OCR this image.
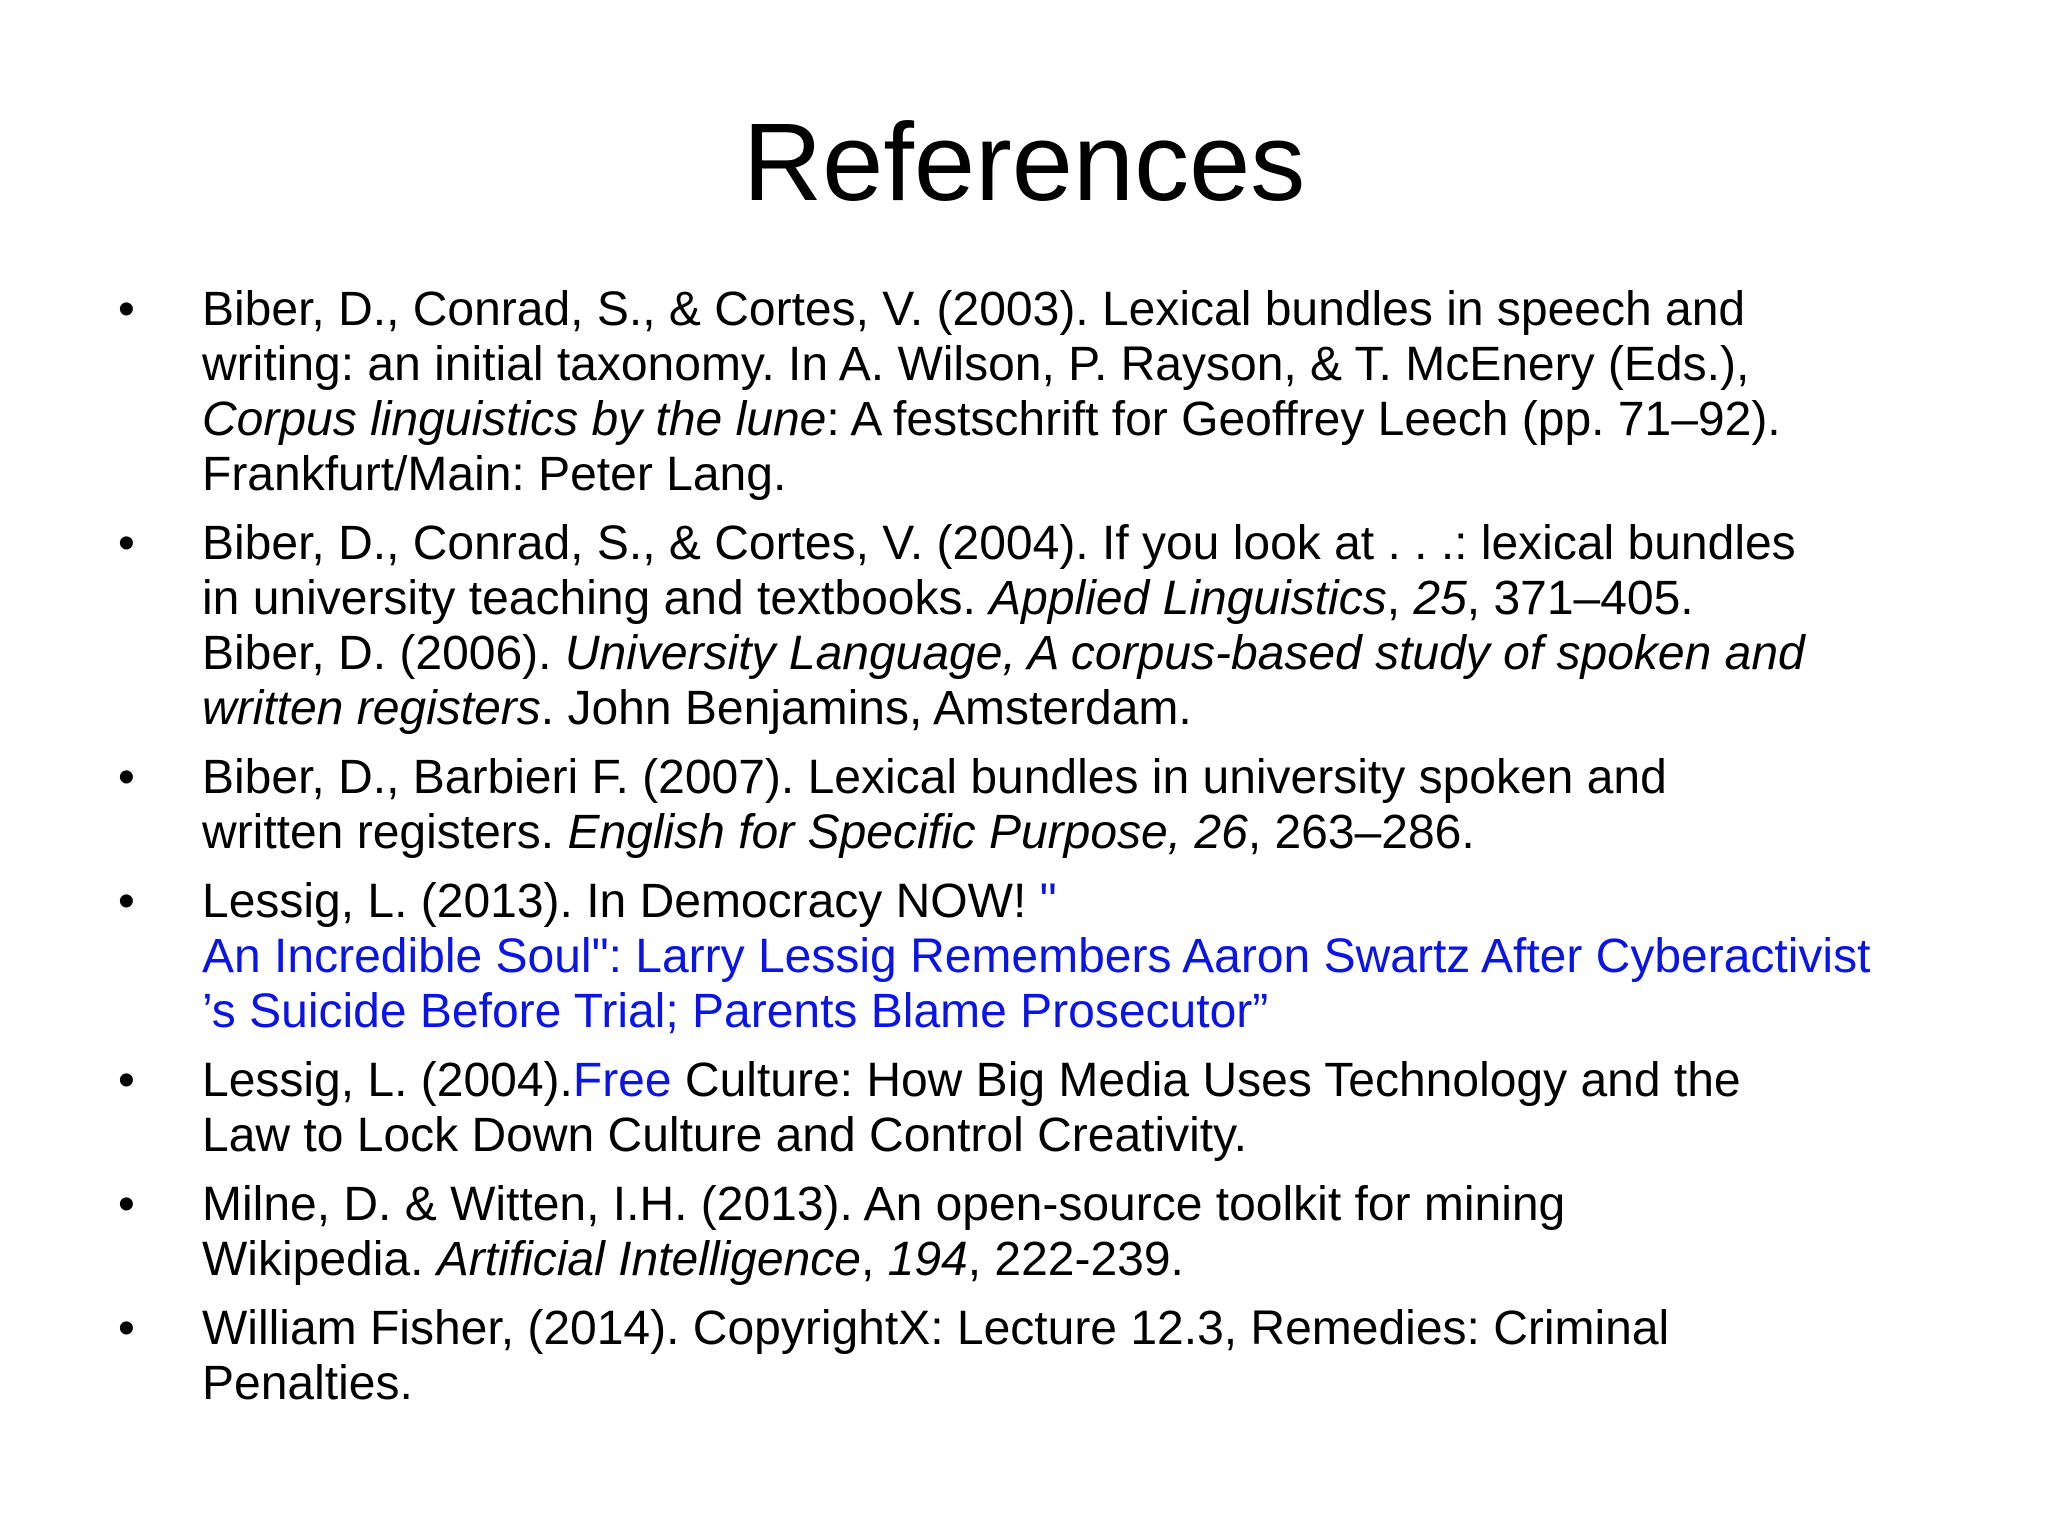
References
•	Biber, D., Conrad, S., & Cortes, V. (2003). Lexical bundles in speech and
writing: an initial taxonomy. In A. Wilson, P. Rayson, & T. McEnery (Eds.),
Corpus linguistics by the lune: A festschrift for Geoffrey Leech (pp. 71–92).
Frankfurt/Main: Peter Lang.
•	Biber, D., Conrad, S., & Cortes, V. (2004). If you look at . . .: lexical bundles
in university teaching and textbooks. Applied Linguistics, 25, 371–405.
Biber, D. (2006). University Language, A corpus-based study of spoken and
written registers. John Benjamins, Amsterdam.
•	Biber, D., Barbieri F. (2007). Lexical bundles in university spoken and
written registers. English for Specific Purpose, 26, 263–286.
•	Lessig, L. (2013). In Democracy NOW! "
An Incredible Soul": Larry Lessig Remembers Aaron Swartz After Cyberactivist
’s Suicide Before Trial; Parents Blame Prosecutor”
•	Lessig, L. (2004).Free Culture: How Big Media Uses Technology and the
Law to Lock Down Culture and Control Creativity.
•	Milne, D. & Witten, I.H. (2013). An open-source toolkit for mining
Wikipedia. Artificial Intelligence, 194, 222-239.
•	William Fisher, (2014). CopyrightX: Lecture 12.3, Remedies: Criminal
Penalties.
